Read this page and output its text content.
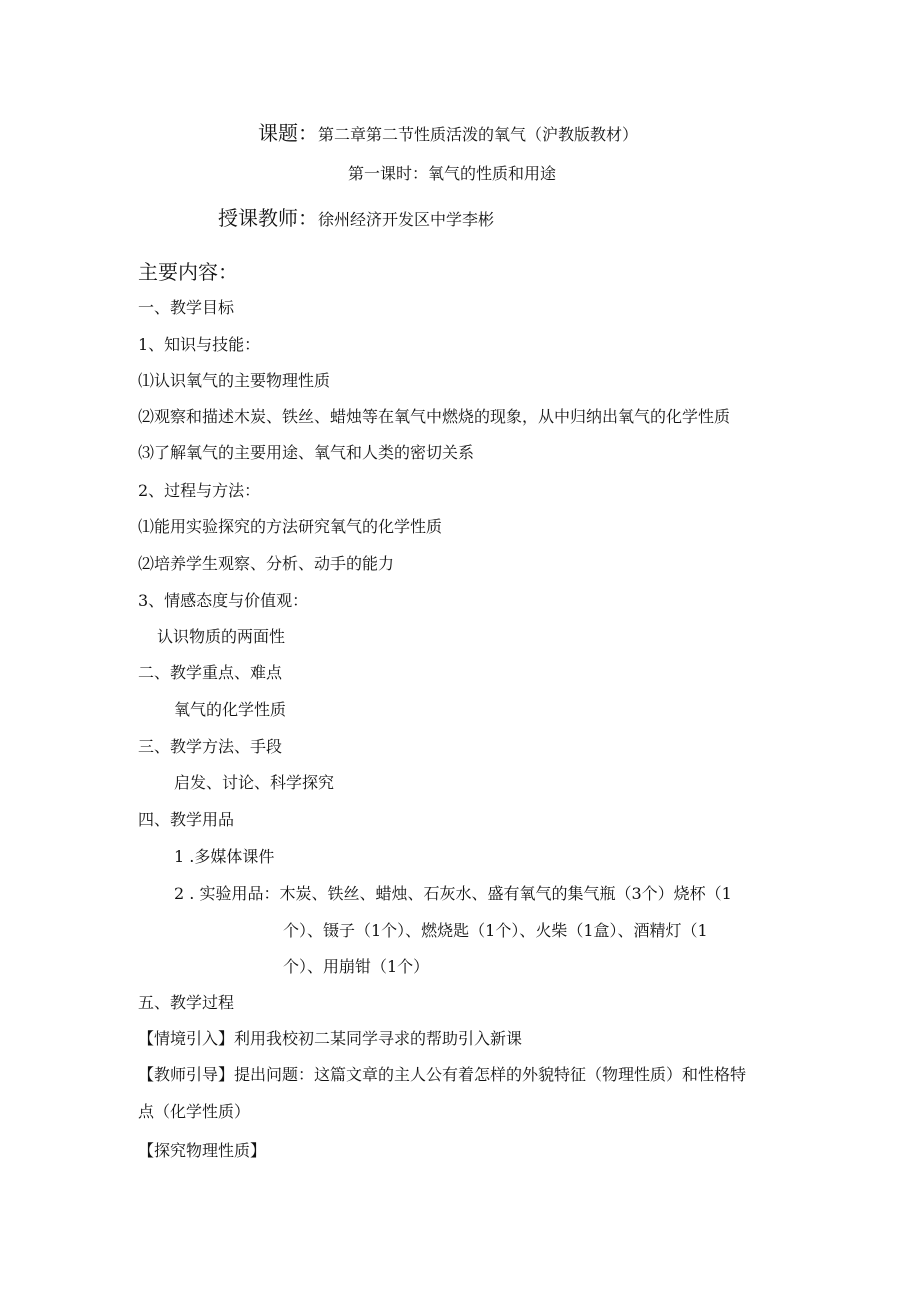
课题：第二章第二节性质活泼的氧气（沪教版教材）
第一课时：氧气的性质和用途
授课教师：徐州经济开发区中学李彬
主要内容：
一、教学目标
1、知识与技能：
⑴认识氧气的主要物理性质
⑵观察和描述木炭、铁丝、蜡烛等在氧气中燃烧的现象，从中归纳出氧气的化学性质
⑶了解氧气的主要用途、氧气和人类的密切关系
2、过程与方法：
⑴能用实验探究的方法研究氧气的化学性质
⑵培养学生观察、分析、动手的能力
3、情感态度与价值观：
认识物质的两面性
二、教学重点、难点
氧气的化学性质
三、教学方法、手段
启发、讨论、科学探究
四、教学用品
1 .多媒体课件
2 . 实验用品：木炭、铁丝、蜡烛、石灰水、盛有氧气的集气瓶（3个）烧杯（1
个）、镊子（1个）、燃烧匙（1个）、火柴（1盒）、酒精灯（1
个）、用崩钳（1个）
五、教学过程
【情境引入】利用我校初二某同学寻求的帮助引入新课
【教师引导】提出问题：这篇文章的主人公有着怎样的外貌特征（物理性质）和性格特
点（化学性质）
【探究物理性质】
